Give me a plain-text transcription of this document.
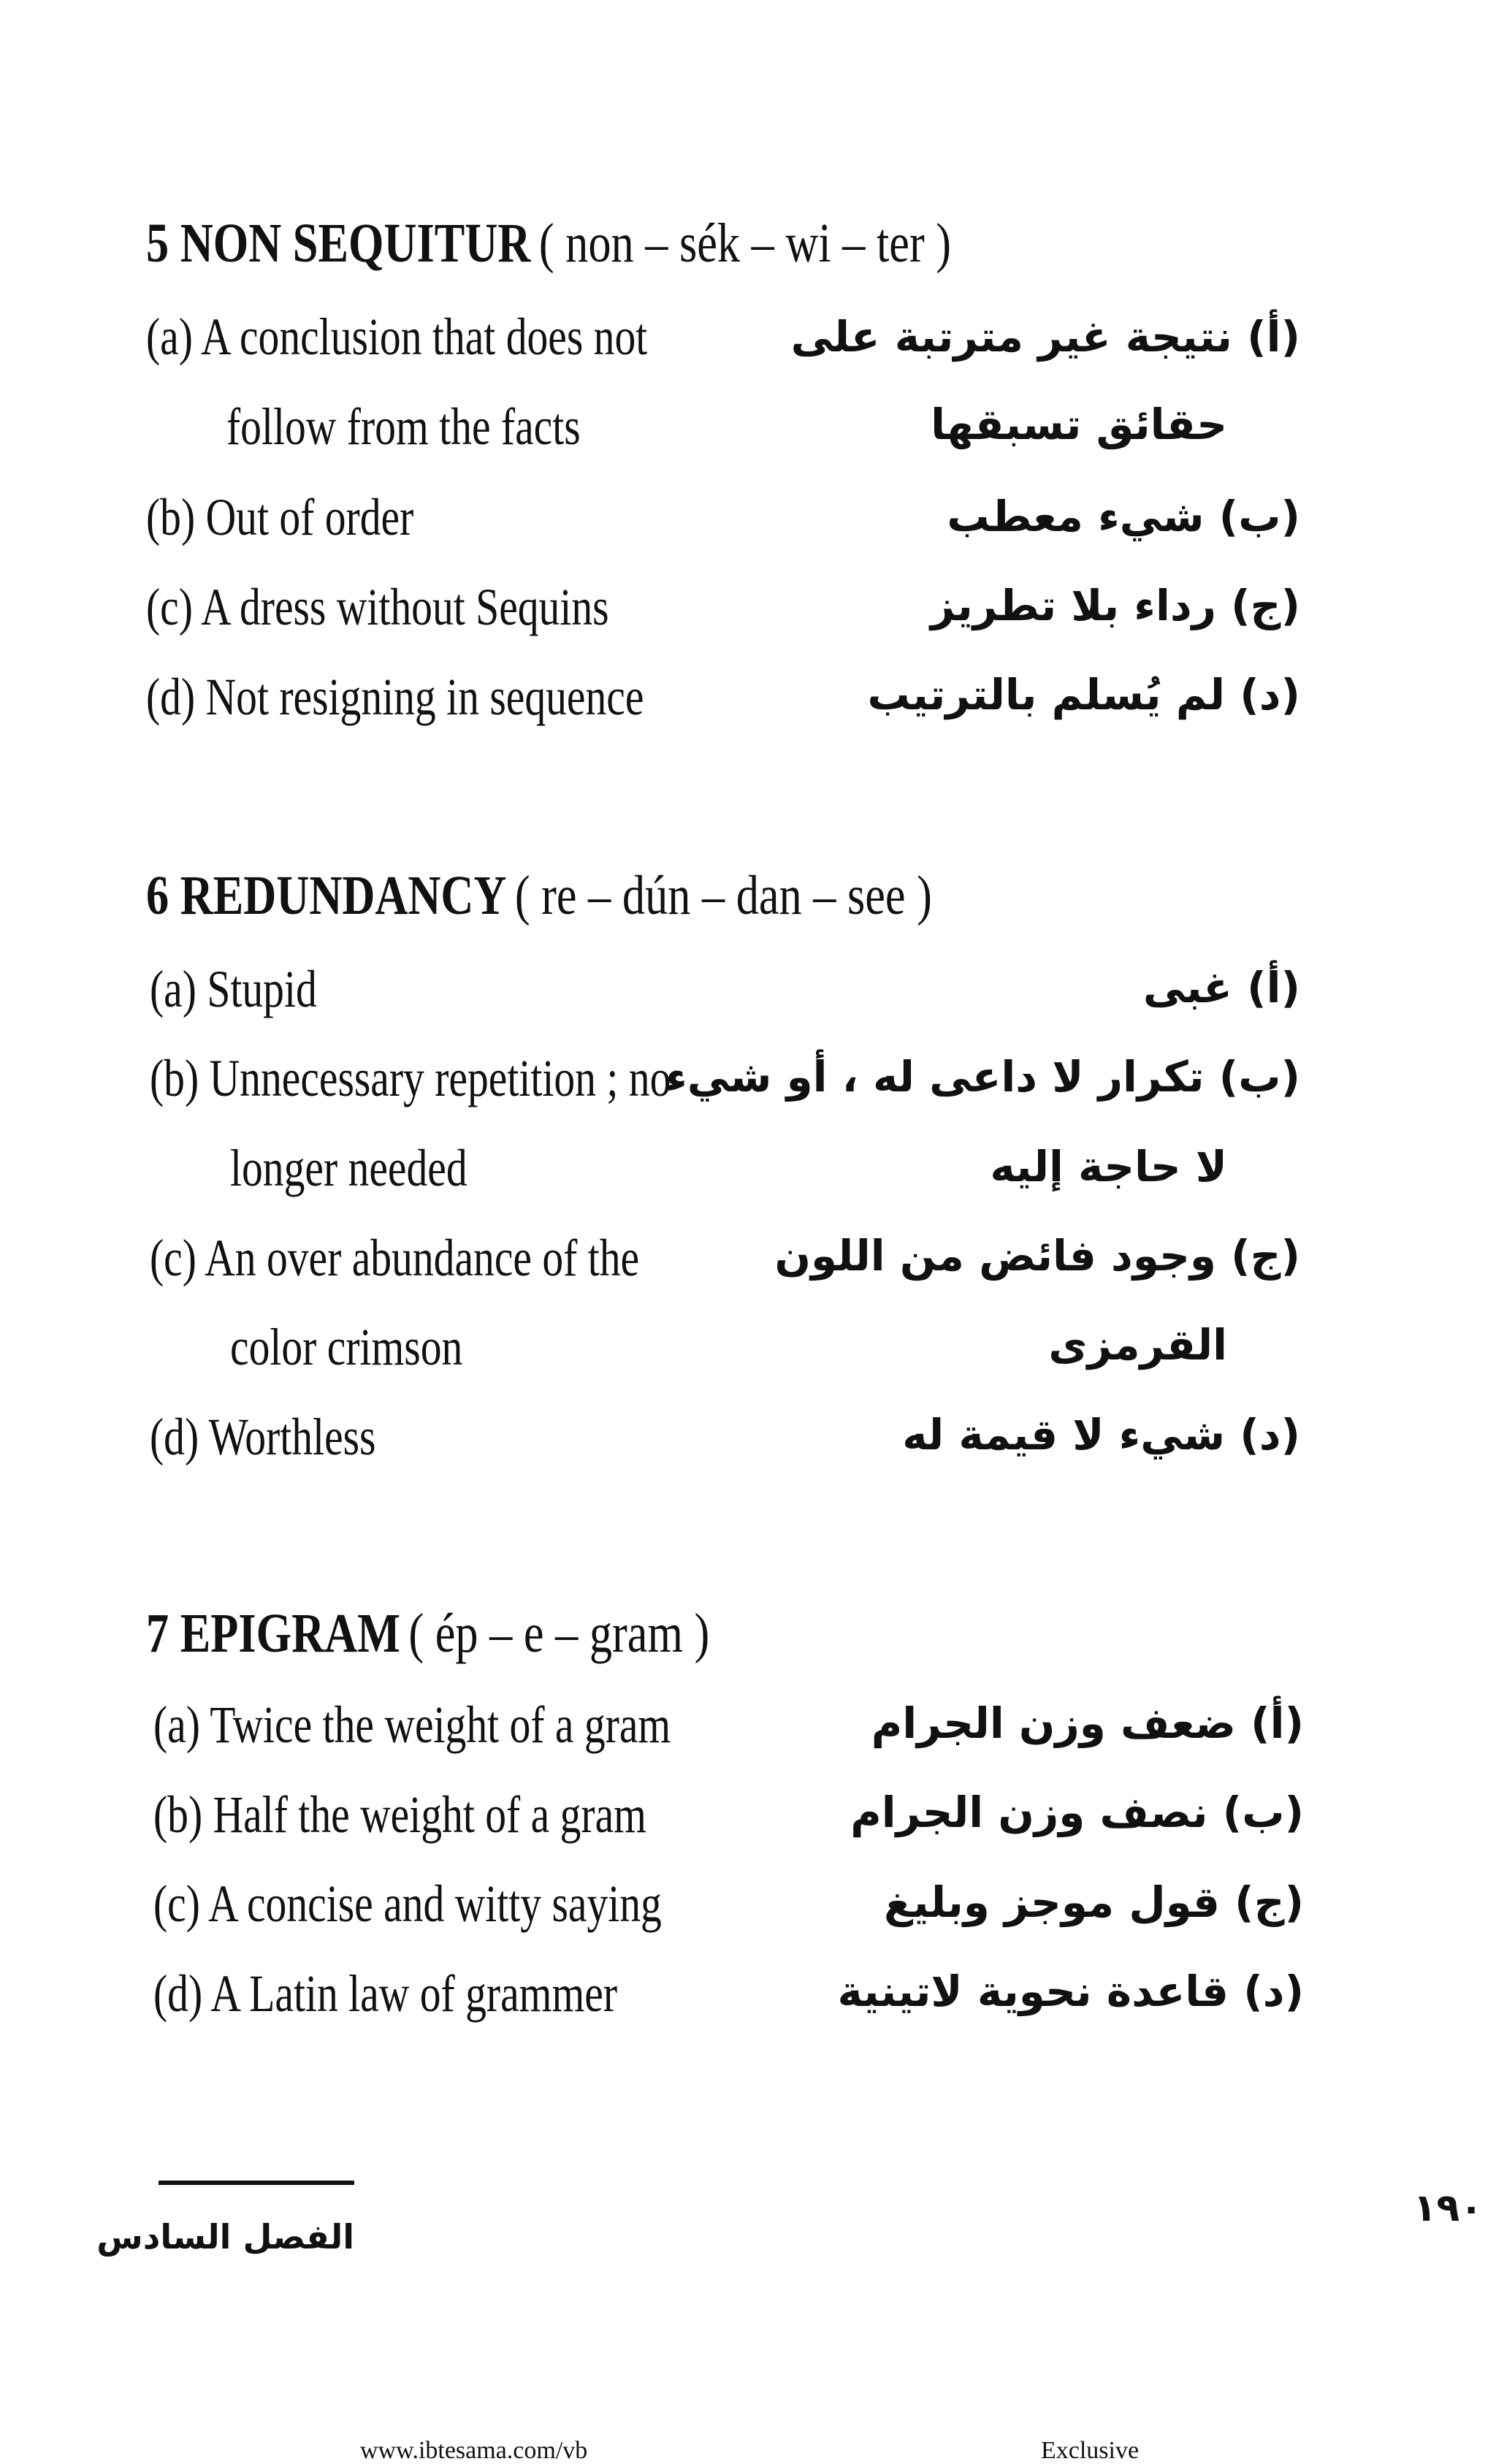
5 NON SEQUITUR ( non – sék – wi – ter )
(a) A conclusion that does not
follow from the facts
(b) Out of order
(c) A dress without Sequins
(d) Not resigning in sequence
(أ) نتيجة غير مترتبة على
حقائق تسبقها
(ب) شيء معطب
(ج) رداء بلا تطريز
(د) لم يُسلم بالترتيب
6 REDUNDANCY ( re – dún – dan – see )
(a) Stupid
(b) Unnecessary repetition ; no
longer needed
(c) An over abundance of the
color crimson
(d) Worthless
(أ) غبى
(ب) تكرار لا داعى له ، أو شيء
لا حاجة إليه
(ج) وجود فائض من اللون
القرمزى
(د) شيء لا قيمة له
7 EPIGRAM ( ép – e – gram )
(a) Twice the weight of a gram
(b) Half the weight of a gram
(c) A concise and witty saying
(d) A Latin law of grammer
(أ) ضعف وزن الجرام
(ب) نصف وزن الجرام
(ج) قول موجز وبليغ
(د) قاعدة نحوية لاتينية
الفصل السادس
١٩٠
www.ibtesama.com/vb	Exclusive
